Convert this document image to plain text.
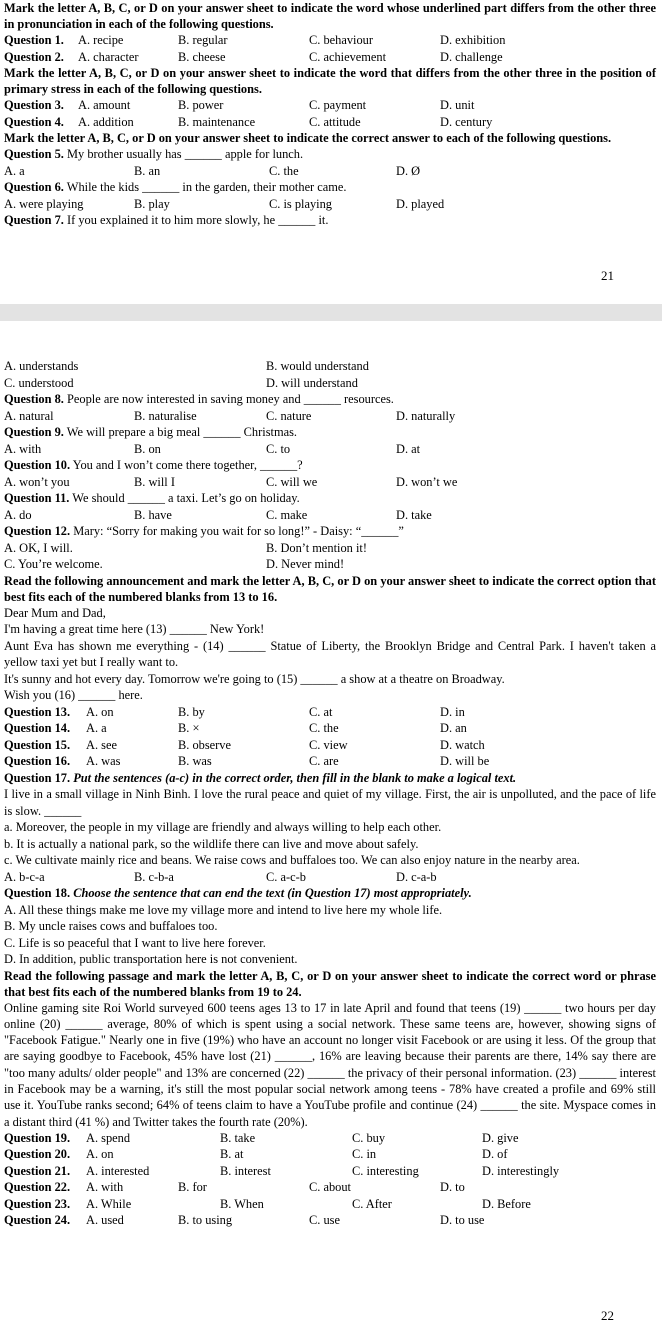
Mark the letter A, B, C, or D on your answer sheet to indicate the word whose underlined part differs from the other three in pronunciation in each of the following questions.
Question 1. A. recipe	B. regular	C. behaviour	D. exhibition
Question 2. A. character	B. cheese	C. achievement	D. challenge
Mark the letter A, B, C, or D on your answer sheet to indicate the word that differs from the other three in the position of primary stress in each of the following questions.
Question 3. A. amount	B. power	C. payment	D. unit
Question 4. A. addition	B. maintenance	C. attitude	D. century
Mark the letter A, B, C, or D on your answer sheet to indicate the correct answer to each of the following questions.
Question 5. My brother usually has ______ apple for lunch.
A. a	B. an	C. the	D. Ø
Question 6. While the kids ______ in the garden, their mother came.
A. were playing	B. play	C. is playing	D. played
Question 7. If you explained it to him more slowly, he ______ it.
21
A. understands	B. would understand
C. understood	D. will understand
Question 8. People are now interested in saving money and ______ resources.
A. natural	B. naturalise	C. nature	D. naturally
Question 9. We will prepare a big meal ______ Christmas.
A. with	B. on	C. to	D. at
Question 10. You and I won’t come there together, ______?
A. won’t you	B. will I	C. will we	D. won’t we
Question 11. We should ______ a taxi. Let’s go on holiday.
A. do	B. have	C. make	D. take
Question 12. Mary: “Sorry for making you wait for so long!” - Daisy: “______”
A. OK, I will.	B. Don’t mention it!
C. You’re welcome.	D. Never mind!
Read the following announcement and mark the letter A, B, C, or D on your answer sheet to indicate the correct option that best fits each of the numbered blanks from 13 to 16.
Dear Mum and Dad,
I'm having a great time here (13) ______ New York!
Aunt Eva has shown me everything - (14) ______ Statue of Liberty, the Brooklyn Bridge and Central Park. I haven't taken a yellow taxi yet but I really want to.
It's sunny and hot every day. Tomorrow we're going to (15) ______ a show at a theatre on Broadway.
Wish you (16) ______ here.
Question 13. A. on	B. by	C. at	D. in
Question 14. A. a	B. ×	C. the	D. an
Question 15. A. see	B. observe	C. view	D. watch
Question 16. A. was	B. was	C. are	D. will be
Question 17. Put the sentences (a-c) in the correct order, then fill in the blank to make a logical text.
I live in a small village in Ninh Binh. I love the rural peace and quiet of my village. First, the air is unpolluted, and the pace of life is slow. ______
a. Moreover, the people in my village are friendly and always willing to help each other.
b. It is actually a national park, so the wildlife there can live and move about safely.
c. We cultivate mainly rice and beans. We raise cows and buffaloes too. We can also enjoy nature in the nearby area.
A. b-c-a	B. c-b-a	C. a-c-b	D. c-a-b
Question 18. Choose the sentence that can end the text (in Question 17) most appropriately.
A. All these things make me love my village more and intend to live here my whole life.
B. My uncle raises cows and buffaloes too.
C. Life is so peaceful that I want to live here forever.
D. In addition, public transportation here is not convenient.
Read the following passage and mark the letter A, B, C, or D on your answer sheet to indicate the correct word or phrase that best fits each of the numbered blanks from 19 to 24.
Online gaming site Roi World surveyed 600 teens ages 13 to 17 in late April and found that teens (19) ______ two hours per day online (20) ______ average, 80% of which is spent using a social network. These same teens are, however, showing signs of "Facebook Fatigue." Nearly one in five (19%) who have an account no longer visit Facebook or are using it less. Of the group that are saying goodbye to Facebook, 45% have lost (21) ______, 16% are leaving because their parents are there, 14% say there are "too many adults/ older people" and 13% are concerned (22) ______ the privacy of their personal information. (23) ______ interest in Facebook may be a warning, it's still the most popular social network among teens - 78% have created a profile and 69% still use it. YouTube ranks second; 64% of teens claim to have a YouTube profile and continue (24) ______ the site. Myspace comes in a distant third (41 %) and Twitter takes the fourth rate (20%).
Question 19. A. spend	B. take	C. buy	D. give
Question 20. A. on	B. at	C. in	D. of
Question 21. A. interested	B. interest	C. interesting	D. interestingly
Question 22. A. with	B. for	C. about	D. to
Question 23. A. While	B. When	C. After	D. Before
Question 24. A. used	B. to using	C. use	D. to use
22
